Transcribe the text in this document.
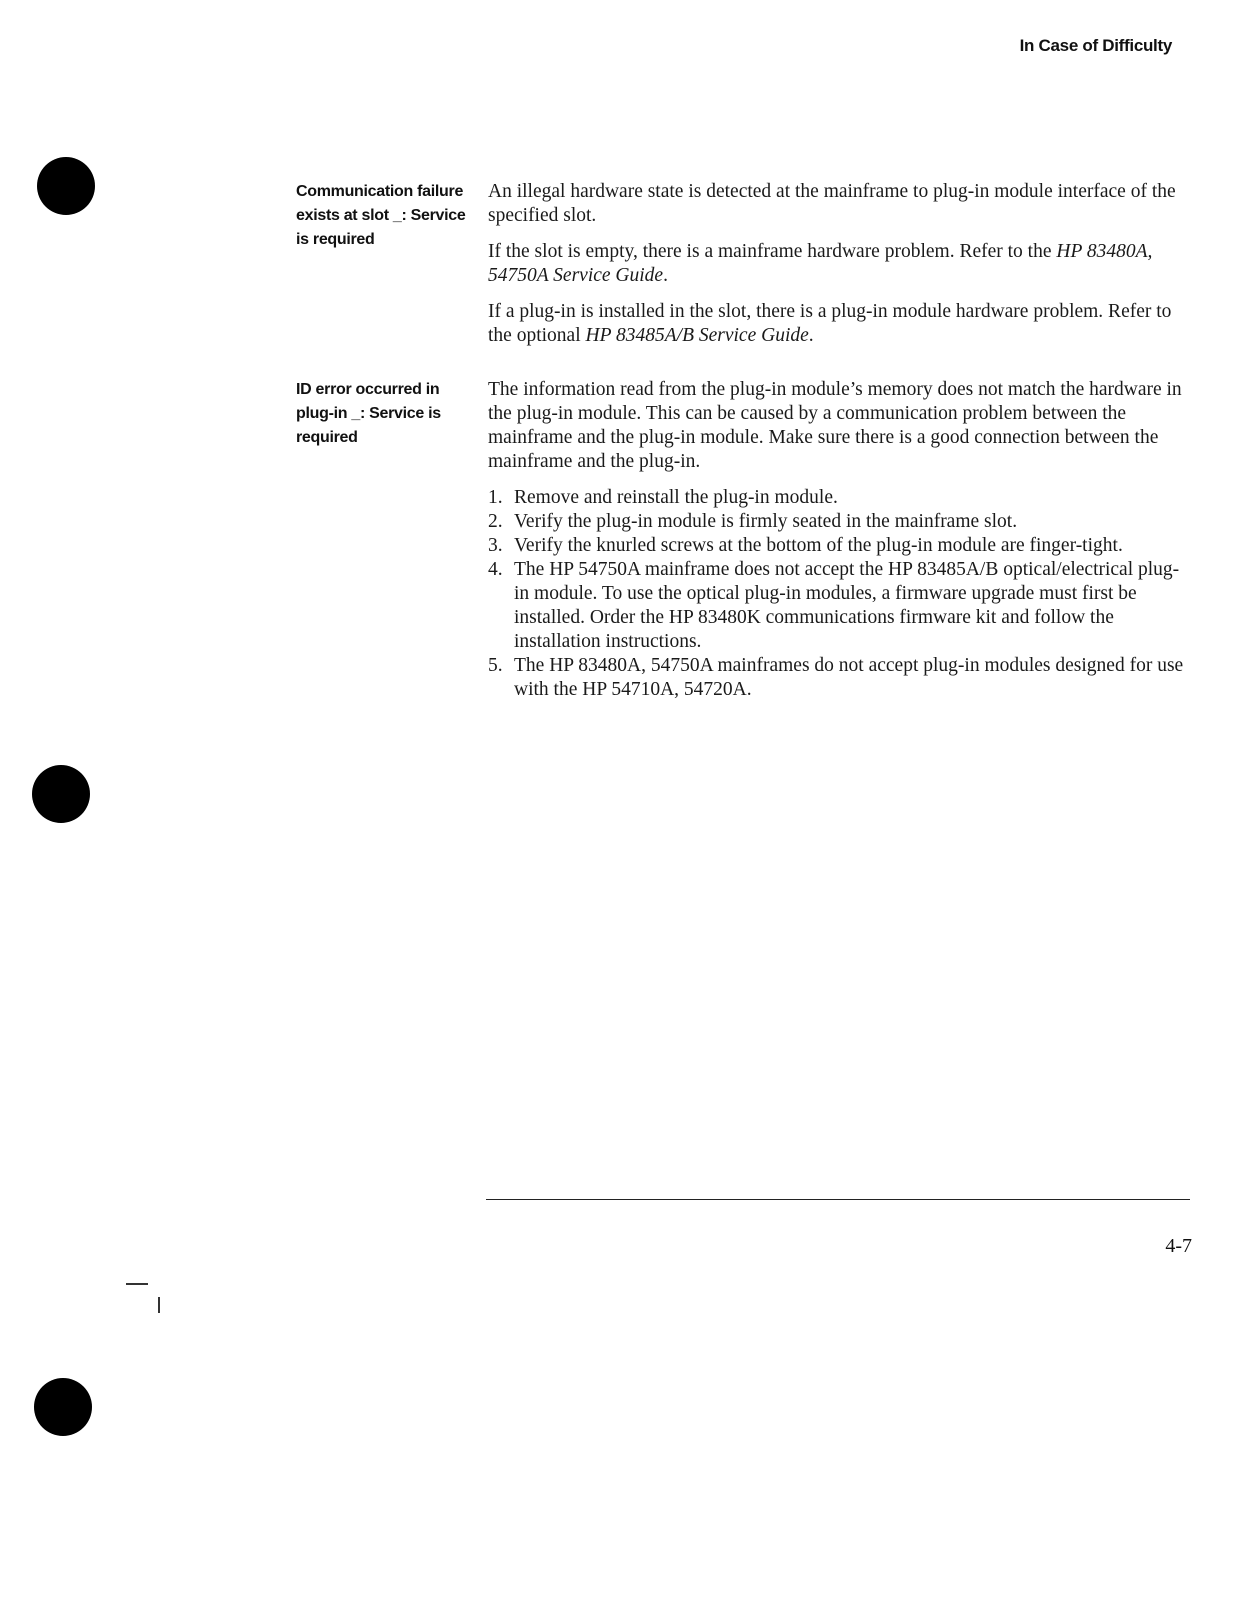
In Case of Difficulty
Communication failure
exists at slot _: Service
is required

An illegal hardware state is detected at the mainframe to plug-in module interface of the specified slot.

If the slot is empty, there is a mainframe hardware problem. Refer to the HP 83480A, 54750A Service Guide.

If a plug-in is installed in the slot, there is a plug-in module hardware problem. Refer to the optional HP 83485A/B Service Guide.

ID error occurred in
plug-in _: Service is
required

The information read from the plug-in module’s memory does not match the hardware in the plug-in module. This can be caused by a communication problem between the mainframe and the plug-in module. Make sure there is a good connection between the mainframe and the plug-in.

1. Remove and reinstall the plug-in module.
2. Verify the plug-in module is firmly seated in the mainframe slot.
3. Verify the knurled screws at the bottom of the plug-in module are finger-tight.
4. The HP 54750A mainframe does not accept the HP 83485A/B optical/electrical plug-in module. To use the optical plug-in modules, a firmware upgrade must first be installed. Order the HP 83480K communications firmware kit and follow the installation instructions.
5. The HP 83480A, 54750A mainframes do not accept plug-in modules designed for use with the HP 54710A, 54720A.
4-7
